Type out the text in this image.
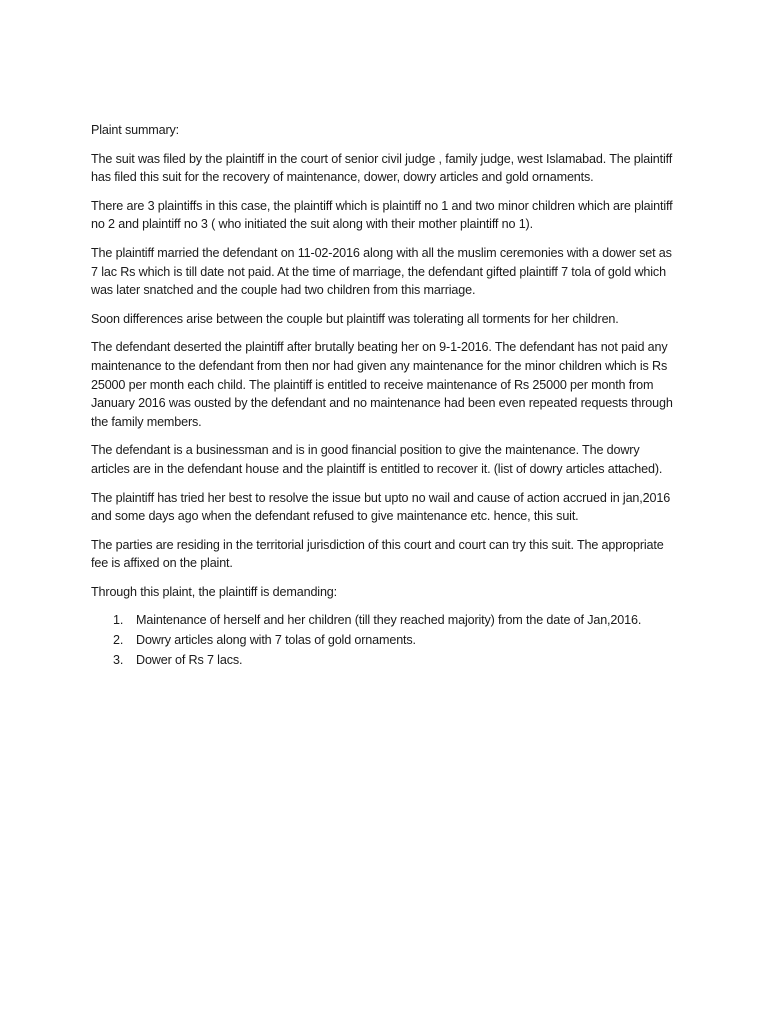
Plaint summary:

The suit was filed by the plaintiff in the court of senior civil judge , family judge, west Islamabad. The plaintiff has filed this suit for the recovery of maintenance, dower, dowry articles and gold ornaments.

There are 3 plaintiffs in this case, the plaintiff which is plaintiff no 1 and two minor children which are plaintiff no 2 and plaintiff no 3 ( who initiated the suit along with their mother plaintiff no 1).

The plaintiff married the defendant on 11-02-2016 along with all the muslim ceremonies with a dower set as 7 lac Rs which is till date not paid. At the time of marriage, the defendant gifted plaintiff 7 tola of gold which was later snatched and the couple had two children from this marriage.

Soon differences arise between the couple but plaintiff was tolerating all torments for her children.

The defendant deserted the plaintiff after brutally beating her on 9-1-2016. The defendant has not paid any maintenance to the defendant from then nor had given any maintenance for the minor children which is Rs 25000 per month each child. The plaintiff is entitled to receive maintenance of Rs 25000 per month from January 2016 was ousted by the defendant and no maintenance had been even repeated requests through the family members.

The defendant is a businessman and is in good financial position to give the maintenance. The dowry articles are in the defendant house and the plaintiff is entitled to recover it. (list of dowry articles attached).

The plaintiff has tried her best to resolve the issue but upto no wail and cause of action accrued in jan,2016 and some days ago when the defendant refused to give maintenance etc. hence, this suit.

The parties are residing in the territorial jurisdiction of this court and court can try this suit. The appropriate fee is affixed on the plaint.

Through this plaint, the plaintiff is demanding:

1. Maintenance of herself and her children (till they reached majority) from the date of Jan,2016.
2. Dowry articles along with 7 tolas of gold ornaments.
3. Dower of Rs 7 lacs.
